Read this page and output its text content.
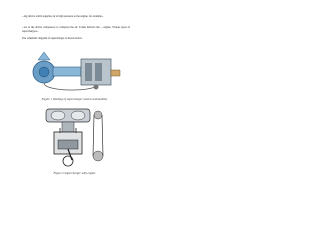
...ing device which supplies air at high pressure to the engine, for example...

...ers to the device compressor to compress the air. It then delivers the ... engine. Various types of superchargers...

The schematic diagram of supercharger is shown below.

Figure 1 Working of supercharger used in automobiles
Figure 2 Supercharger with engine
